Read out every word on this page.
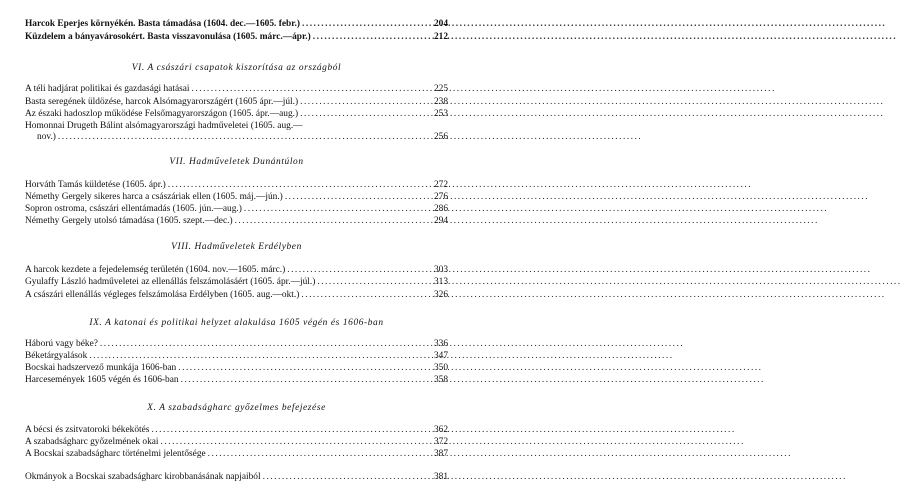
Harcok Eperjes környékén. Basta támadása (1604. dec.—1605. febr.) .....	204
Küzdelem a bányavárosokért. Basta visszavonulása (1605. márc.—ápr.) .....	212
VI. A császári csapatok kiszorítása az országból
A téli hadjárat politikai és gazdasági hatásai .....	225
Basta seregének üldözése, harcok Alsómagyarországért (1605 ápr.—júl.) .....	238
Az északi hadoszlop működése Felsőmagyarországon (1605. ápr.—aug.) .....	253
Homonnai Drugeth Bálint alsómagyarországi hadműveletei (1605. aug.—
nov.) .....	256
VII. Hadműveletek Dunántúlon
Horváth Tamás küldetése (1605. ápr.) .....	272
Némethy Gergely sikeres harca a császáriak ellen (1605. máj.—jún.) .....	276
Sopron ostroma, császári ellentámadás (1605. jún.—aug.) .....	286
Némethy Gergely utolsó támadása (1605. szept.—dec.) .....	294
VIII. Hadműveletek Erdélyben
A harcok kezdete a fejedelemség területén (1604. nov.—1605. márc.) .....	303
Gyulaffy László hadműveletei az ellenállás felszámolásáért (1605. ápr.—júl.) .....	313
A császári ellenállás végleges felszámolása Erdélyben (1605. aug.—okt.) .....	326
IX. A katonai és politikai helyzet alakulása 1605 végén és 1606-ban
Háború vagy béke? .....	336
Béketárgyalások .....	347
Bocskai hadszervező munkája 1606-ban .....	350
Harcesemények 1605 végén és 1606-ban .....	358
X. A szabadságharc győzelmes befejezése
A bécsi és zsitvatoroki békekötés .....	362
A szabadságharc győzelmének okai .....	372
A Bocskai szabadságharc történelmi jelentősége .....	387
Okmányok a Bocskai szabadságharc kirobbanásának napjaiból .....	381
